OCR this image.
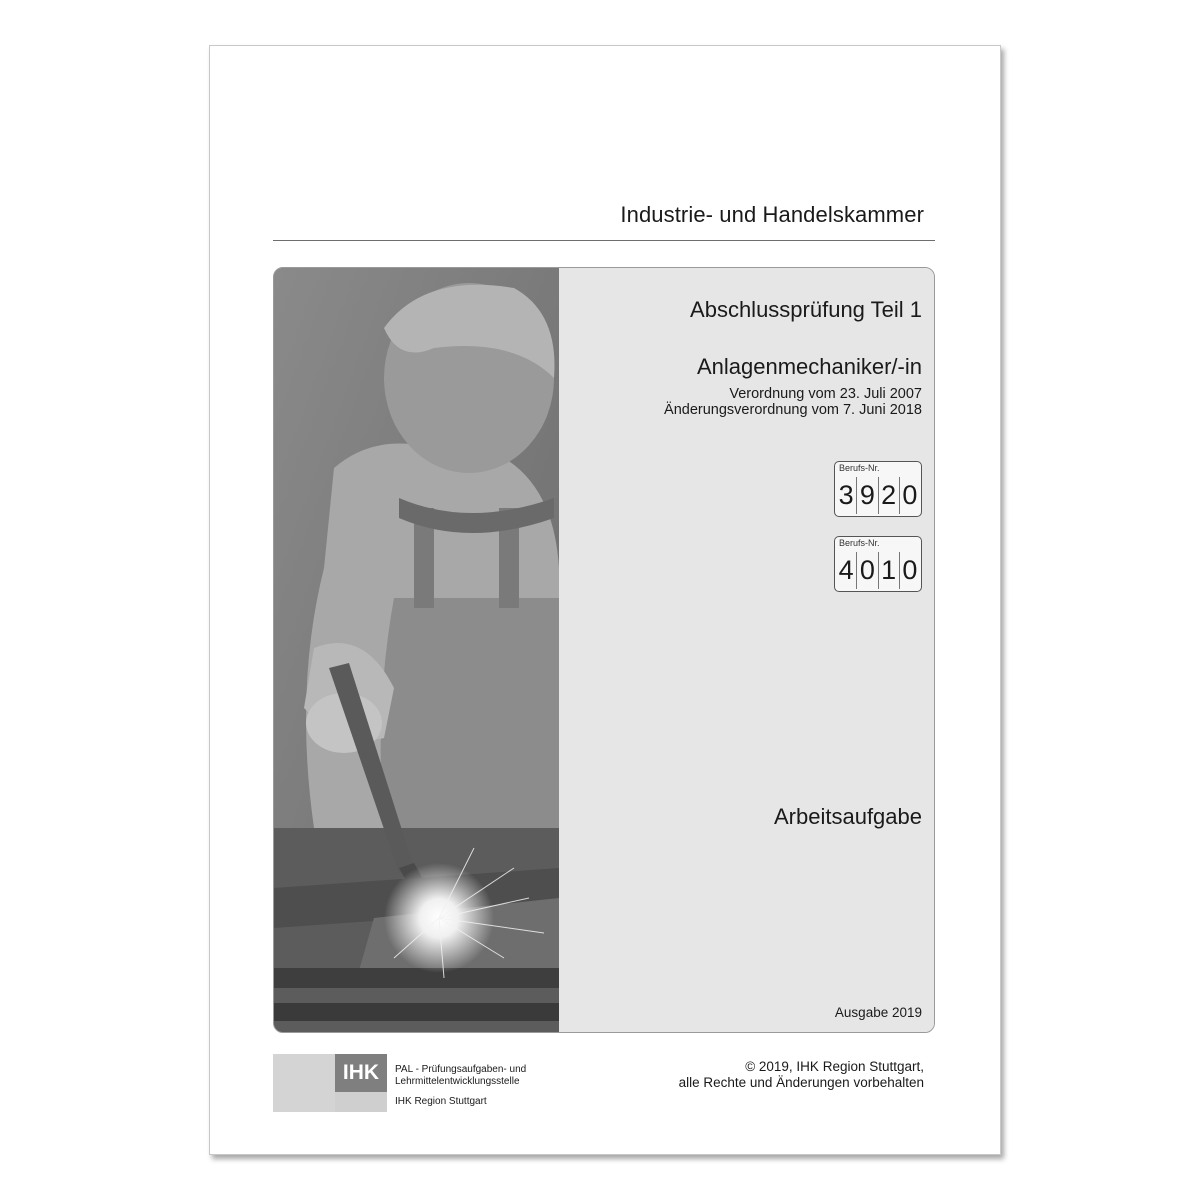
Industrie- und Handelskammer
Abschlussprüfung Teil 1
Anlagenmechaniker/-in
Verordnung vom 23. Juli 2007
Änderungsverordnung vom 7. Juni 2018
Berufs-Nr.
3 9 2 0
Berufs-Nr.
4 0 1 0
Arbeitsaufgabe
Ausgabe 2019
IHK	PAL - Prüfungsaufgaben- und
Lehrmittelentwicklungsstelle
IHK Region Stuttgart
© 2019, IHK Region Stuttgart,
alle Rechte und Änderungen vorbehalten
